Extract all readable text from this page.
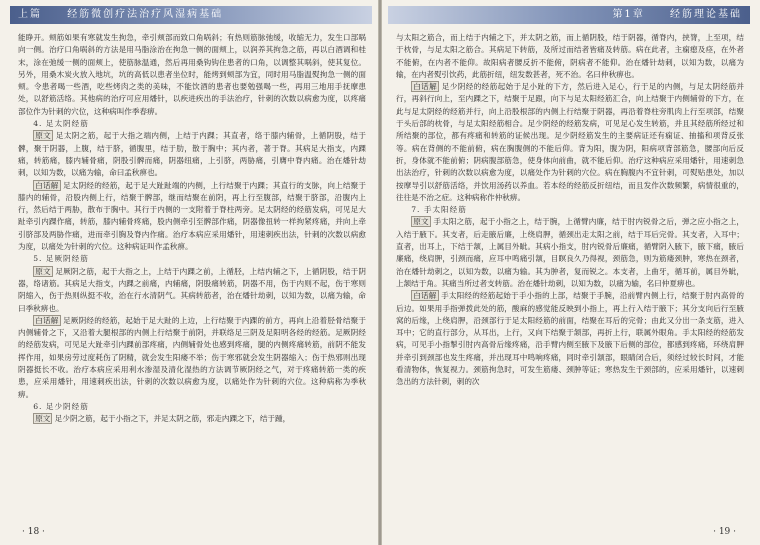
上篇	经筋微创疗法治疗风湿病基础

能睁开。颊筋如果有寒就发生拘急，牵引颊部而致口角㖞斜；有热则筋脉弛缓，收缩无力，发生口部㖞向一侧。治疗口角㖞斜的方法是用马脂涂治在拘急一侧的面颊上，以润养其拘急之筋，再以白酒调和桂末，涂在弛缓一侧的面颊上，使筋脉温通，然后再用桑钩钩住患者的口角，以调整其㖞斜，使其复位。另外，用桑木炭火放入地坑，坑的高低以患者坐位时，能烤到颊部为宜，同时用马脂温熨拘急一侧的面颊。令患者喝一些酒，吃些烤肉之类的美味，不能饮酒的患者也要勉强喝一些，再用三地用手抚摩患处，以舒筋活络。其他病的治疗可应用燔针，以疾进疾出的手法治疗，针刺的次数以病愈为度，以疼痛部位作为针刺的穴位，这种病叫作季春痹。

4. 足太阴经筋

原文 足太阴之筋，起于大指之端内侧，上结于内踝；其直者，络于膝内辅骨，上循阴股，结于髀，聚于阴器，上腹，结于脐，循腹里，结于肋，散于胸中；其内者，著于脊。其病足大指支，内踝痛，转筋痛，膝内辅骨痛，阴股引髀而痛，阴器纽痛，上引脐，两胁痛，引膺中脊内痛。治在燔针劫刺，以知为数，以痛为输，命曰孟秋痹也。

白话解 足太阴经的经筋，起于足大趾趾端的内侧，上行结聚于内踝；其直行的支脉，向上结聚于膝内的辅骨，沿股内侧上行，结聚于髀部，继而结聚在前阴，再上行至腹部，结聚于脐部，沿腹内上行，然后结于两胁，散布于胸中。其行于内侧的一支附着于脊柱两旁。足太阴经的经筋发病，可见足大趾牵引内踝作痛，转筋，膝内辅骨疼痛，股内侧牵引至髀部作痛，阴器像扭转一样拘紧疼痛，并向上牵引脐部及两胁作痛，进而牵引胸及脊内作痛。治疗本病应采用燔针，用速刺疾出法，针刺的次数以病愈为度，以痛处为针刺的穴位。这种病证叫作孟秋痹。

5. 足厥阴经筋

原文 足厥阴之筋，起于大指之上，上结于内踝之前，上循胫，上结内辅之下，上循阴股，结于阴器，络诸筋。其病足大指支，内踝之前痛，内辅痛，阴股痛转筋，阴器不用，伤于内则不起，伤于寒则阴缩入，伤于热则纵挺不收，治在行水清阴气。其病转筋者，治在燔针劫刺，以知为数，以痛为输，命曰季秋痹也。

白话解 足厥阴经的经筋，起始于足大趾的上边，上行结聚于内踝的前方，再向上沿着胫骨结聚于内侧辅骨之下，又沿着大腿根部的内侧上行结聚于前阴，并联络足三阴及足阳明各经的经筋。足厥阴经的经筋发病，可见足大趾牵引内踝前部疼痛，内侧辅骨处也感到疼痛，腿的内侧疼痛转筋，前阴不能发挥作用，如果房劳过度耗伤了阴精，就会发生阳痿不举；伤于寒邪就会发生阴器缩入；伤于热邪则出现阴器挺长不收。治疗本病应采用利水渗湿及清化湿热的方法调节厥阴经之气，对于疼痛转筋一类的疾患，应采用燔针，用速刺疾出法，针刺的次数以病愈为度，以痛处作为针刺的穴位。这种病称为季秋痹。

6. 足少阴经筋

原文 足少阴之筋，起于小指之下，并足太阴之筋，邪走内踝之下，结于踵，

· 18 ·
第1章	经筋理论基础

与太阳之筋合，而上结于内辅之下，并太阴之筋，而上循阴股，结于阴器，循脊内，挟膂，上至项，结于枕骨，与足太阳之筋合。其病足下转筋，及所过而结者皆痛及转筋。病在此者，主痫瘛及痉，在外者不能俯，在内者不能仰。故阳病者腰反折不能俯，阴病者不能仰。治在燔针劫刺，以知为数，以痛为输，在内者熨引饮药，此筋折纽，纽发数甚者，死不治。名曰仲秋痹也。

白话解 足少阴经的经筋起始于足小趾的下方，然后进入足心，行于足的内侧，与足太阴经筋并行，再斜行向上，至内踝之下，结聚于足跟，向下与足太阳经筋汇合，向上结聚于内侧辅骨的下方，在此与足太阴经的经筋并行，向上沿股根部的内侧上行结聚于阴器，再沿着脊柱旁肌肉上行至项部，结聚于头后部的枕骨，与足太阳经筋相合。足少阴经的经筋发病，可见足心发生转筋，并且其经筋所经过和所结聚的部位，都有疼痛和转筋的证候出现。足少阴经筋发生的主要病证还有痫证、抽搐和项背反张等。病在背侧的不能前俯，病在胸腹侧的不能后仰。背为阳，腹为阴，阳病项背部筋急，腰部向后反折，身体就不能前俯；阴病腹部筋急，使身体向前曲，就不能后仰。治疗这种病应采用燔针，用速刺急出法治疗，针刺的次数以病愈为度，以痛处作为针刺的穴位。病在胸腹内不宜针刺，可熨贴患处，加以按摩导引以舒筋活络，并饮用汤药以养血。若本经的经筋反折纽结，而且发作次数频繁，病情很重的，往往是不治之症。这种病称作仲秋痹。

7. 手太阳经筋

原文 手太阳之筋，起于小指之上，结于腕，上循臂内廉，结于肘内锐骨之后，弹之应小指之上，入结于腋下。其支者，后走腋后廉，上绕肩胛，循颈出走太阳之前，结于耳后完骨。其支者，入耳中；直者，出耳上，下结于颔，上属目外眦。其病小指支，肘内锐骨后廉痛，循臂阴入腋下，腋下痛，腋后廉痛，绕肩胛，引颈而痛，应耳中鸣痛引颔，目瞑良久乃得视，颈筋急，则为筋瘘颈肿，寒热在颈者，治在燔针劫刺之，以知为数，以痛为输。其为肿者，复而锐之。本支者，上曲牙，循耳前，属目外眦，上颔结于角。其痛当所过者支转筋。治在燔针劫刺，以知为数，以痛为输，名曰仲夏痹也。

白话解 手太阳经的经筋起始于手小指的上部，结聚于手腕，沿前臂内侧上行，结聚于肘内高骨的后边。如果用手指弹拨此处的筋，酸麻的感觉能反映到小指上，再上行入结于腋下；其分支向后行至腋窝的后缘，上绕肩胛，沿颈部行于足太阳经筋的前面，结聚在耳后的完骨；由此又分出一条支筋，进入耳中；它的直行部分，从耳出，上行，又向下结聚于颔部，再折上行，联属外眼角。手太阳经的经筋发病，可见手小指掣引肘内高骨后缘疼痛，沿手臂内侧至腋下及腋下后侧的部位，都感到疼痛，环绕肩胛并牵引到颈部也发生疼痛，并出现耳中鸣响疼痛，同时牵引颔部，眼睛闭合后，须经过较长时间，才能看清物体，恢复视力。颈筋拘急时，可发生筋瘘、颈肿等证；寒热发生于颈部的，应采用燔针，以速刺急出的方法针刺，刺的次

· 19 ·
